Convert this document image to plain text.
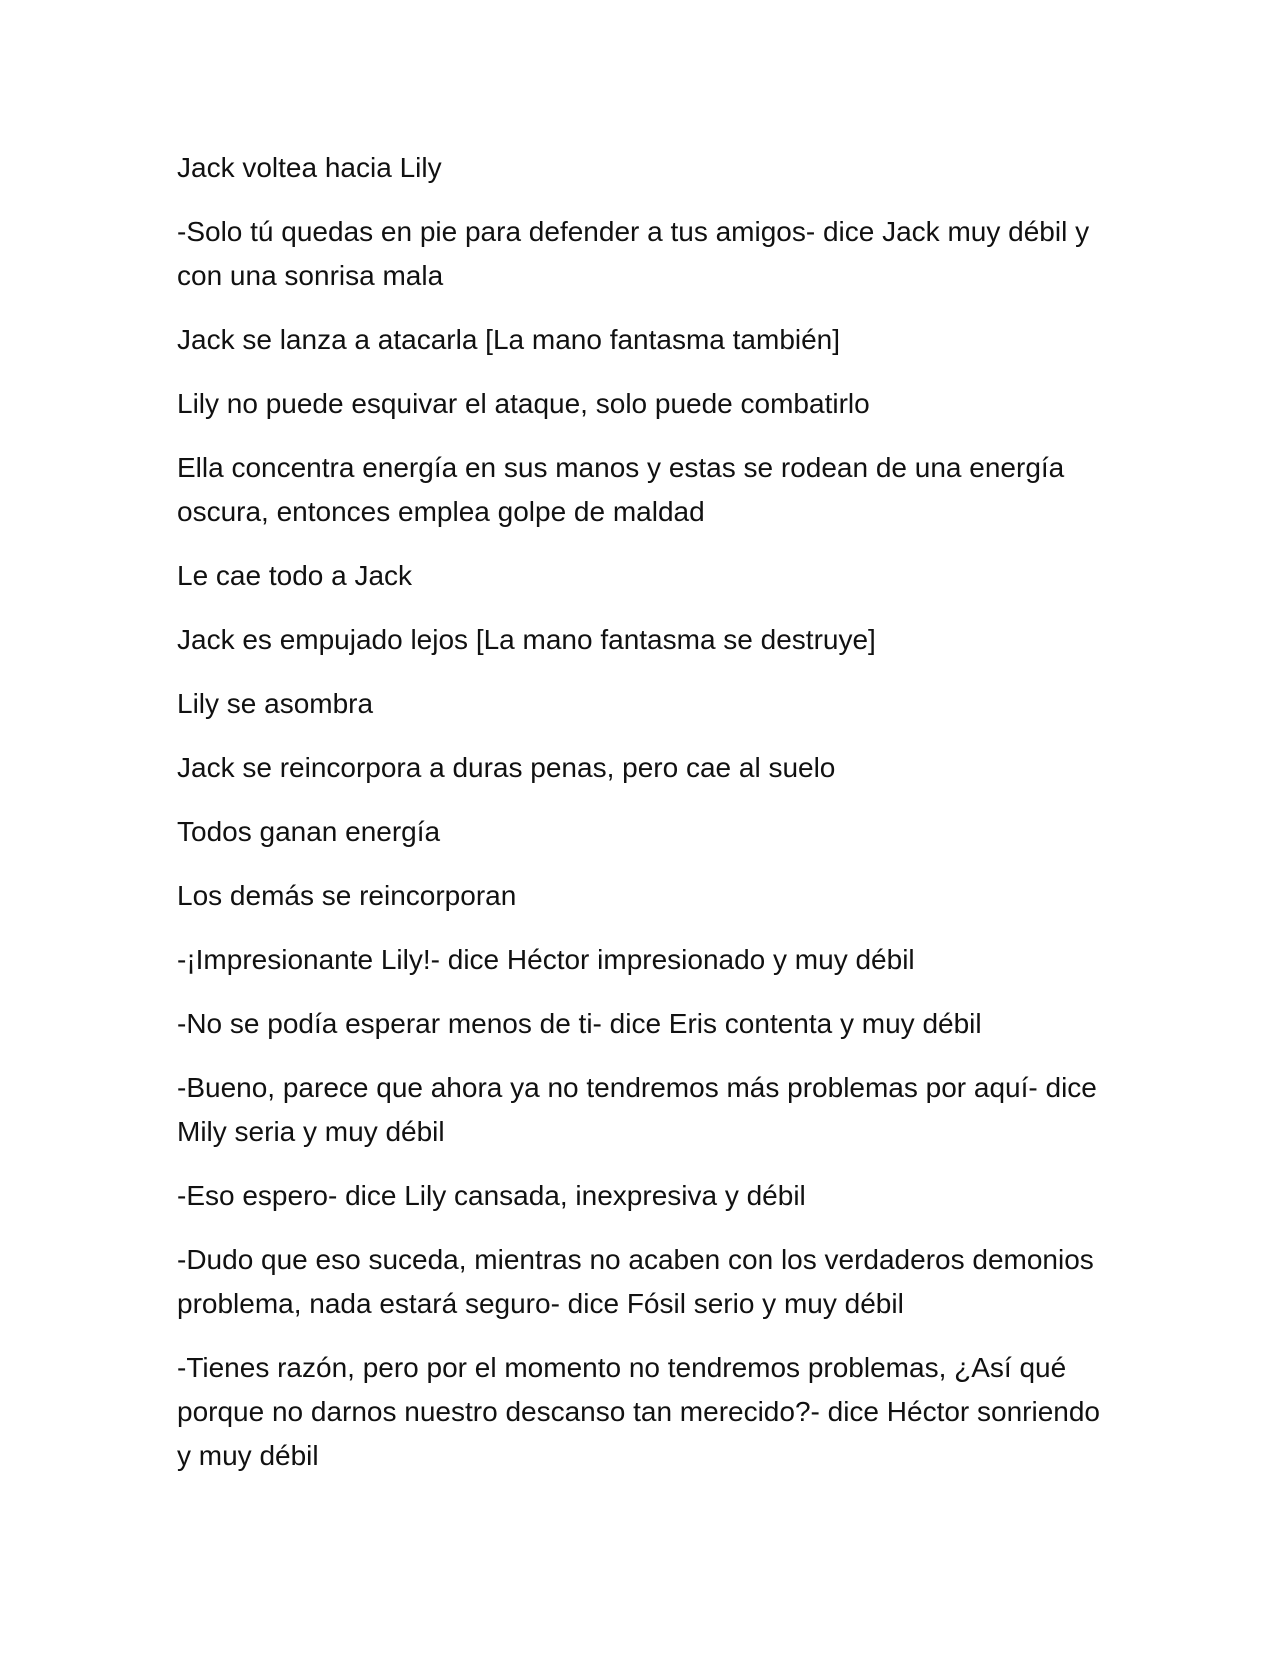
Jack voltea hacia Lily

-Solo tú quedas en pie para defender a tus amigos- dice Jack muy débil y con una sonrisa mala

Jack se lanza a atacarla [La mano fantasma también]

Lily no puede esquivar el ataque, solo puede combatirlo

Ella concentra energía en sus manos y estas se rodean de una energía oscura, entonces emplea golpe de maldad

Le cae todo a Jack

Jack es empujado lejos [La mano fantasma se destruye]

Lily se asombra

Jack se reincorpora a duras penas, pero cae al suelo

Todos ganan energía

Los demás se reincorporan

-¡Impresionante Lily!- dice Héctor impresionado y muy débil

-No se podía esperar menos de ti- dice Eris contenta y muy débil

-Bueno, parece que ahora ya no tendremos más problemas por aquí- dice Mily seria y muy débil

-Eso espero- dice Lily cansada, inexpresiva y débil

-Dudo que eso suceda, mientras no acaben con los verdaderos demonios problema, nada estará seguro- dice Fósil serio y muy débil

-Tienes razón, pero por el momento no tendremos problemas, ¿Así qué porque no darnos nuestro descanso tan merecido?- dice Héctor sonriendo y muy débil
